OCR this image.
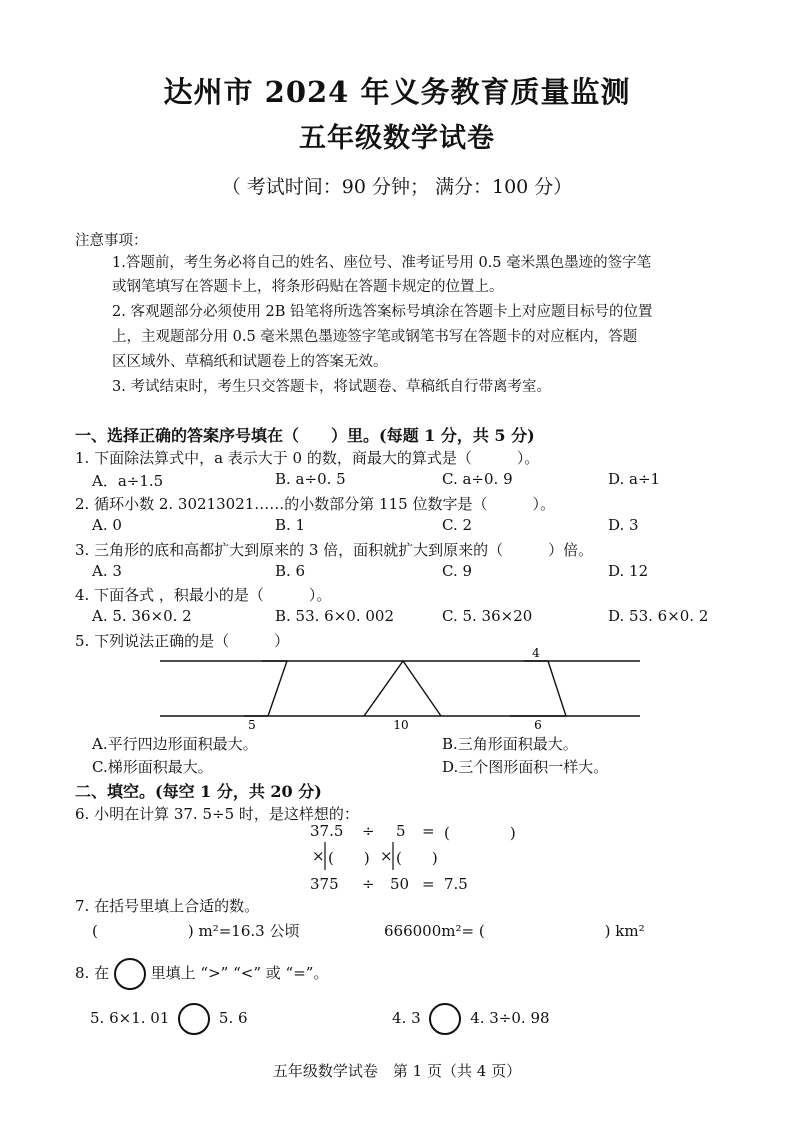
达州市 2024 年义务教育质量监测
五年级数学试卷
（ 考试时间：90 分钟； 满分：100 分）
注意事项：
1.答题前，考生务必将自己的姓名、座位号、准考证号用 0.5 毫米黑色墨迹的签字笔
或钢笔填写在答题卡上，将条形码贴在答题卡规定的位置上。
2. 客观题部分必须使用 2B 铅笔将所选答案标号填涂在答题卡上对应题目标号的位置
上，主观题部分用 0.5 毫米黑色墨迹签字笔或钢笔书写在答题卡的对应框内，答题
区区域外、草稿纸和试题卷上的答案无效。
3. 考试结束时，考生只交答题卡，将试题卷、草稿纸自行带离考室。
一、选择正确的答案序号填在（　　）里。(每题 1 分，共 5 分)
1. 下面除法算式中，a 表示大于 0 的数，商最大的算式是（　　　）。
A．a÷1.5	B. a÷0. 5	C. a÷0. 9	D. a÷1
2. 循环小数 2. 30213021……的小数部分第 115 位数字是（　　　）。
A. 0	B. 1	C. 2	D. 3
3. 三角形的底和高都扩大到原来的 3 倍，面积就扩大到原来的（　　　）倍。
A. 3	B. 6	C. 9	D. 12
4. 下面各式 ，积最小的是（　　　）。
A. 5. 36×0. 2	B. 53. 6×0. 002	C. 5. 36×20	D. 53. 6×0. 2
5. 下列说法正确的是（　　　）
4
5	10	6
A.平行四边形面积最大。	B.三角形面积最大。
C.梯形面积最大。	D.三个图形面积一样大。
二、填空。(每空 1 分，共 20 分)
6. 小明在计算 37. 5÷5 时，是这样想的：
37.5 ÷ 5 = (　　　　)
× (　　) × (　　)
375 ÷ 50 = 7.5
7. 在括号里填上合适的数。
(　　　　　　) m²=16.3 公顷	666000m²= (　　　　　　　　) km²
8. 在	里填上 “>” “<” 或 “=”。
5. 6×1. 01	5. 6	4. 3	4. 3÷0. 98
五年级数学试卷　第 1 页（共 4 页）
